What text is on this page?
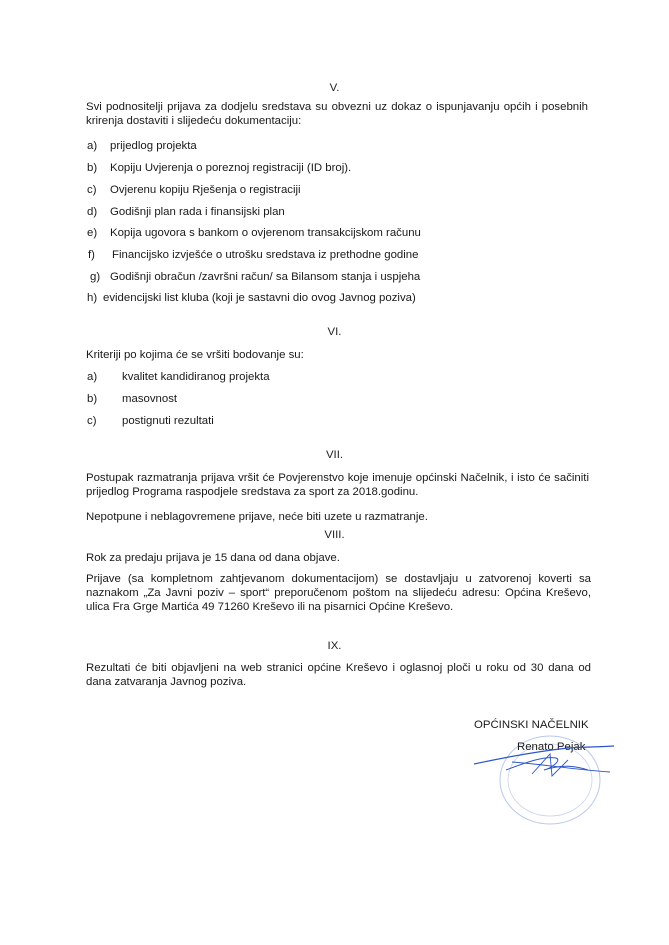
V.
Svi podnositelji prijava za dodjelu sredstava su obvezni uz dokaz o ispunjavanju općih i posebnih krirenja dostaviti i slijedeću dokumentaciju:
a) prijedlog projekta
b) Kopiju Uvjerenja o poreznoj registraciji (ID broj).
c) Ovjerenu kopiju Rješenja o registraciji
d) Godišnji plan rada i finansijski plan
e) Kopija ugovora s bankom o ovjerenom transakcijskom računu
f) Financijsko izvješće o utrošku sredstava iz prethodne godine
g) Godišnji obračun /završni račun/ sa Bilansom stanja i uspjeha
h) evidencijski list kluba (koji je sastavni dio ovog Javnog poziva)
VI.
Kriteriji po kojima će se vršiti bodovanje su:
a) kvalitet kandidiranog projekta
b) masovnost
c) postignuti rezultati
VII.
Postupak razmatranja prijava vršit će Povjerenstvo koje imenuje općinski Načelnik, i isto će sačiniti prijedlog Programa raspodjele sredstava za sport za 2018.godinu.
Nepotpune i neblagovremene prijave, neće biti uzete u razmatranje.
VIII.
Rok za predaju prijava je 15 dana od dana objave.
Prijave (sa kompletnom zahtjevanom dokumentacijom) se dostavljaju u zatvorenoj koverti sa naznakom „Za Javni poziv – sport“ preporučenom poštom na slijedeću adresu: Općina Kreševo, ulica Fra Grge Martića 49 71260 Kreševo ili na pisarnici Općine Kreševo.
IX.
Rezultati će biti objavljeni na web stranici općine Kreševo i oglasnoj ploči u roku od 30 dana od dana zatvaranja Javnog poziva.
OPĆINSKI NAČELNIK
Renato Pejak
